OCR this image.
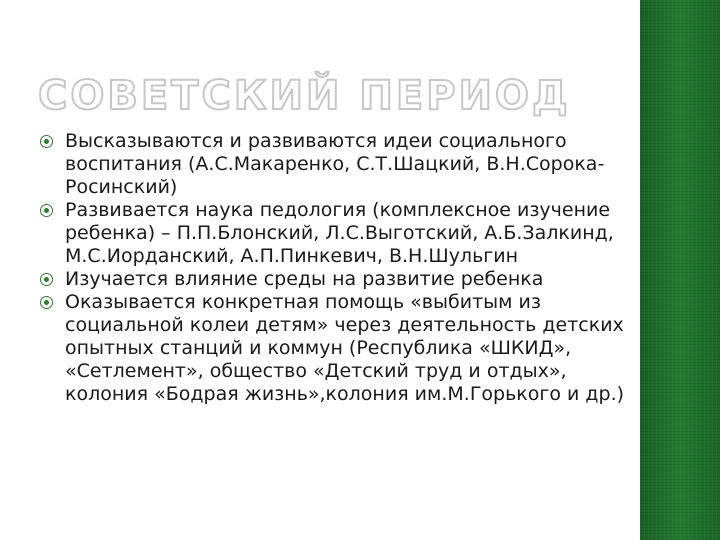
СОВЕТСКИЙ ПЕРИОД
Высказываются и развиваются идеи социального воспитания (А.С.Макаренко, С.Т.Шацкий, В.Н.Сорока-Росинский)
Развивается наука педология (комплексное изучение ребенка) – П.П.Блонский, Л.С.Выготский, А.Б.Залкинд, М.С.Иорданский, А.П.Пинкевич, В.Н.Шульгин
Изучается влияние среды на развитие ребенка
Оказывается конкретная помощь «выбитым из социальной колеи детям» через деятельность детских опытных станций и коммун (Республика «ШКИД», «Сетлемент», общество «Детский труд и отдых», колония «Бодрая жизнь»,колония им.М.Горького и др.)
